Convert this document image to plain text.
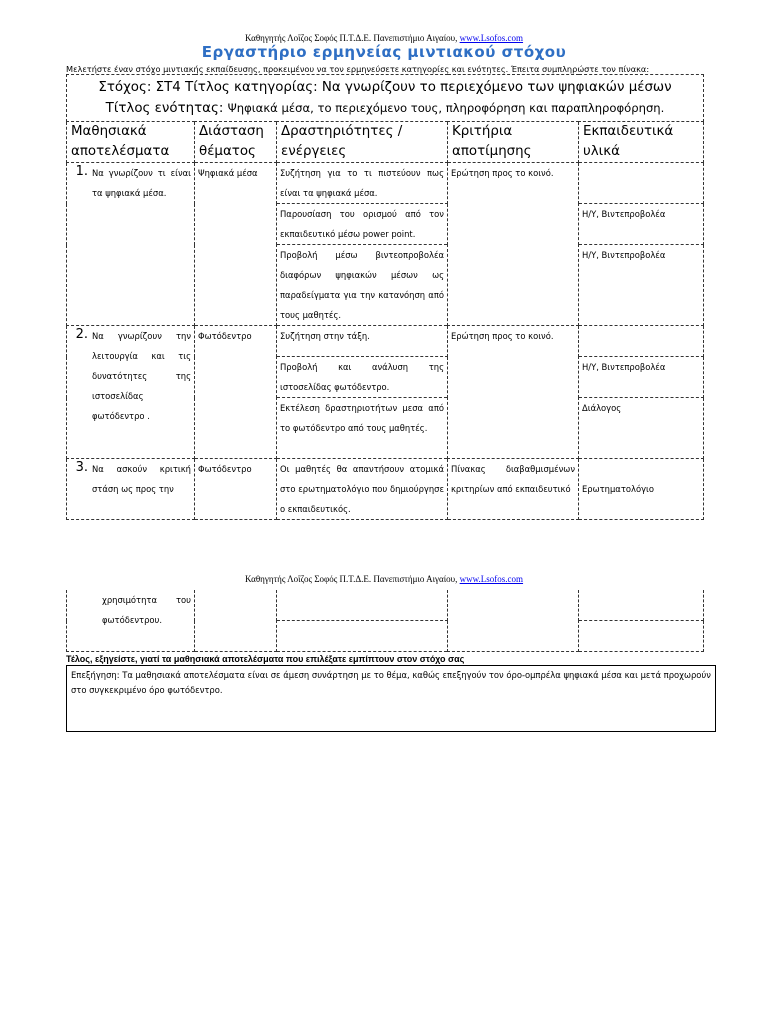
Καθηγητής Λοΐζος Σοφός Π.Τ.Δ.Ε. Πανεπιστήμιο Αιγαίου, www.Lsofos.com
Εργαστήριο ερμηνείας μιντιακού στόχου
Μελετήστε έναν στόχο μιντιακής εκπαίδευσης, προκειμένου να τον ερμηνεύσετε κατηγορίες και ενότητες. Έπειτα συμπληρώστε τον πίνακα:
Στόχος: ΣΤ4 Τίτλος κατηγορίας: Να γνωρίζουν το περιεχόμενο των ψηφιακών μέσων
Τίτλος ενότητας: Ψηφιακά μέσα, το περιεχόμενο τους, πληροφόρηση και παραπληροφόρηση.				

Μαθησιακά αποτελέσματα	Διάσταση θέματος	Δραστηριότητες / ενέργειες	Κριτήρια αποτίμησης	Εκπαιδευτικά υλικά

1. Να γνωρίζουν τι είναι τα ψηφιακά μέσα.	Ψηφιακά μέσα	Συζήτηση για το τι πιστεύουν πως είναι τα ψηφιακά μέσα.	Ερώτηση προς το κοινό.	
		Παρουσίαση του ορισμού από τον εκπαιδευτικό μέσω power point.		Η/Υ, Βιντεπροβολέα
		Προβολή μέσω βιντεοπροβολέα διαφόρων ψηφιακών μέσων ως παραδείγματα για την κατανόηση από τους μαθητές.		Η/Υ, Βιντεπροβολέα

2. Να γνωρίζουν την λειτουργία και τις δυνατότητες της ιστοσελίδας φωτόδεντρο .	Φωτόδεντρο	Συζήτηση στην τάξη.	Ερώτηση προς το κοινό.	
		Προβολή και ανάλυση της ιστοσελίδας φωτόδεντρο.		Η/Υ, Βιντεπροβολέα
		Εκτέλεση δραστηριοτήτων μεσα από το φωτόδεντρο από τους μαθητές.		Διάλογος

3. Να ασκούν κριτική στάση ως προς την	Φωτόδεντρο	Οι μαθητές θα απαντήσουν ατομικά στο ερωτηματολόγιο που δημιούργησε ο εκπαιδευτικός.	Πίνακας διαβαθμισμένων κριτηρίων από εκπαιδευτικό	Ερωτηματολόγιο
Καθηγητής Λοΐζος Σοφός Π.Τ.Δ.Ε. Πανεπιστήμιο Αιγαίου, www.Lsofos.com
χρησιμότητα του φωτόδεντρου.				

Τέλος, εξηγείστε, γιατί τα μαθησιακά αποτελέσματα που επιλέξατε εμπίπτουν στον στόχο σας
Επεξήγηση: Τα μαθησιακά αποτελέσματα είναι σε άμεση συνάρτηση με το θέμα, καθώς επεξηγούν τον όρο-ομπρέλα ψηφιακά μέσα και μετά προχωρούν στο συγκεκριμένο όρο φωτόδεντρο.
